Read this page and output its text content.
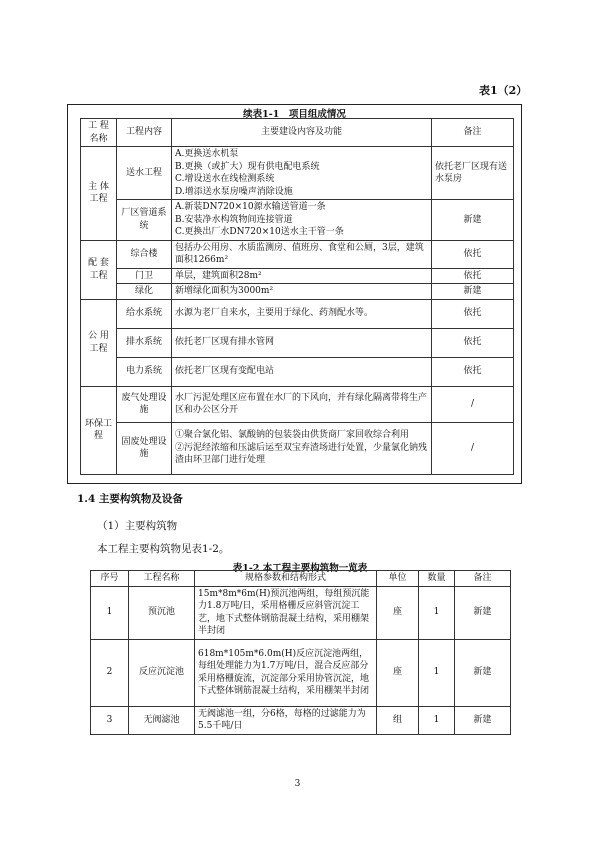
表1（2）
续表1-1　项目组成情况
工 程名称	工程内容	主要建设内容及功能	备注
主 体工程	送水工程	A.更换送水机泵
B.更换（或扩大）现有供电配电系统
C.增设送水在线检测系统
D.增添送水泵房噪声消除设施	依托老厂区现有送水泵房
	厂区管道系统	A.新装DN720×10源水输送管道一条
B.安装净水构筑物间连接管道
C.更换出厂水DN720×10送水主干管一条	新建
配 套工程	综合楼	包括办公用房、水质监测房、值班房、食堂和公厕，3层，建筑面积1266m²	依托
	门卫	单层，建筑面积28m²	依托
	绿化	新增绿化面积为3000m²	新建
公 用工程	给水系统	水源为老厂自来水，主要用于绿化、药剂配水等。	依托
	排水系统	依托老厂区现有排水管网	依托
	电力系统	依托老厂区现有变配电站	依托
环保工程	废气处理设施	水厂污泥处理区应布置在水厂的下风向，并有绿化隔离带将生产区和办公区分开	/
	固废处理设施	①聚合氯化铝、氯酸钠的包装袋由供货商厂家回收综合利用
②污泥经浓缩和压滤后运至双宝弃渣场进行处置，少量氯化钠残渣由环卫部门进行处理	/
1.4 主要构筑物及设备
（1）主要构筑物
本工程主要构筑物见表1-2。
表1-2 本工程主要构筑物一览表
序号	工程名称	规格参数和结构形式	单位	数量	备注
1	预沉池	15m*8m*6m(H)预沉池两组，每组预沉能力1.8万吨/日，采用格栅反应斜管沉淀工艺，地下式整体钢筋混凝土结构，采用棚架半封闭	座	1	新建
2	反应沉淀池	618m*105m*6.0m(H)反应沉淀池两组，每组处理能力为1.7万吨/日，混合反应部分采用格栅旋流，沉淀部分采用协管沉淀，地下式整体钢筋混凝土结构，采用棚架半封闭	座	1	新建
3	无阀滤池	无阀滤池一组，分6格，每格的过滤能力为5.5千吨/日	组	1	新建
3
